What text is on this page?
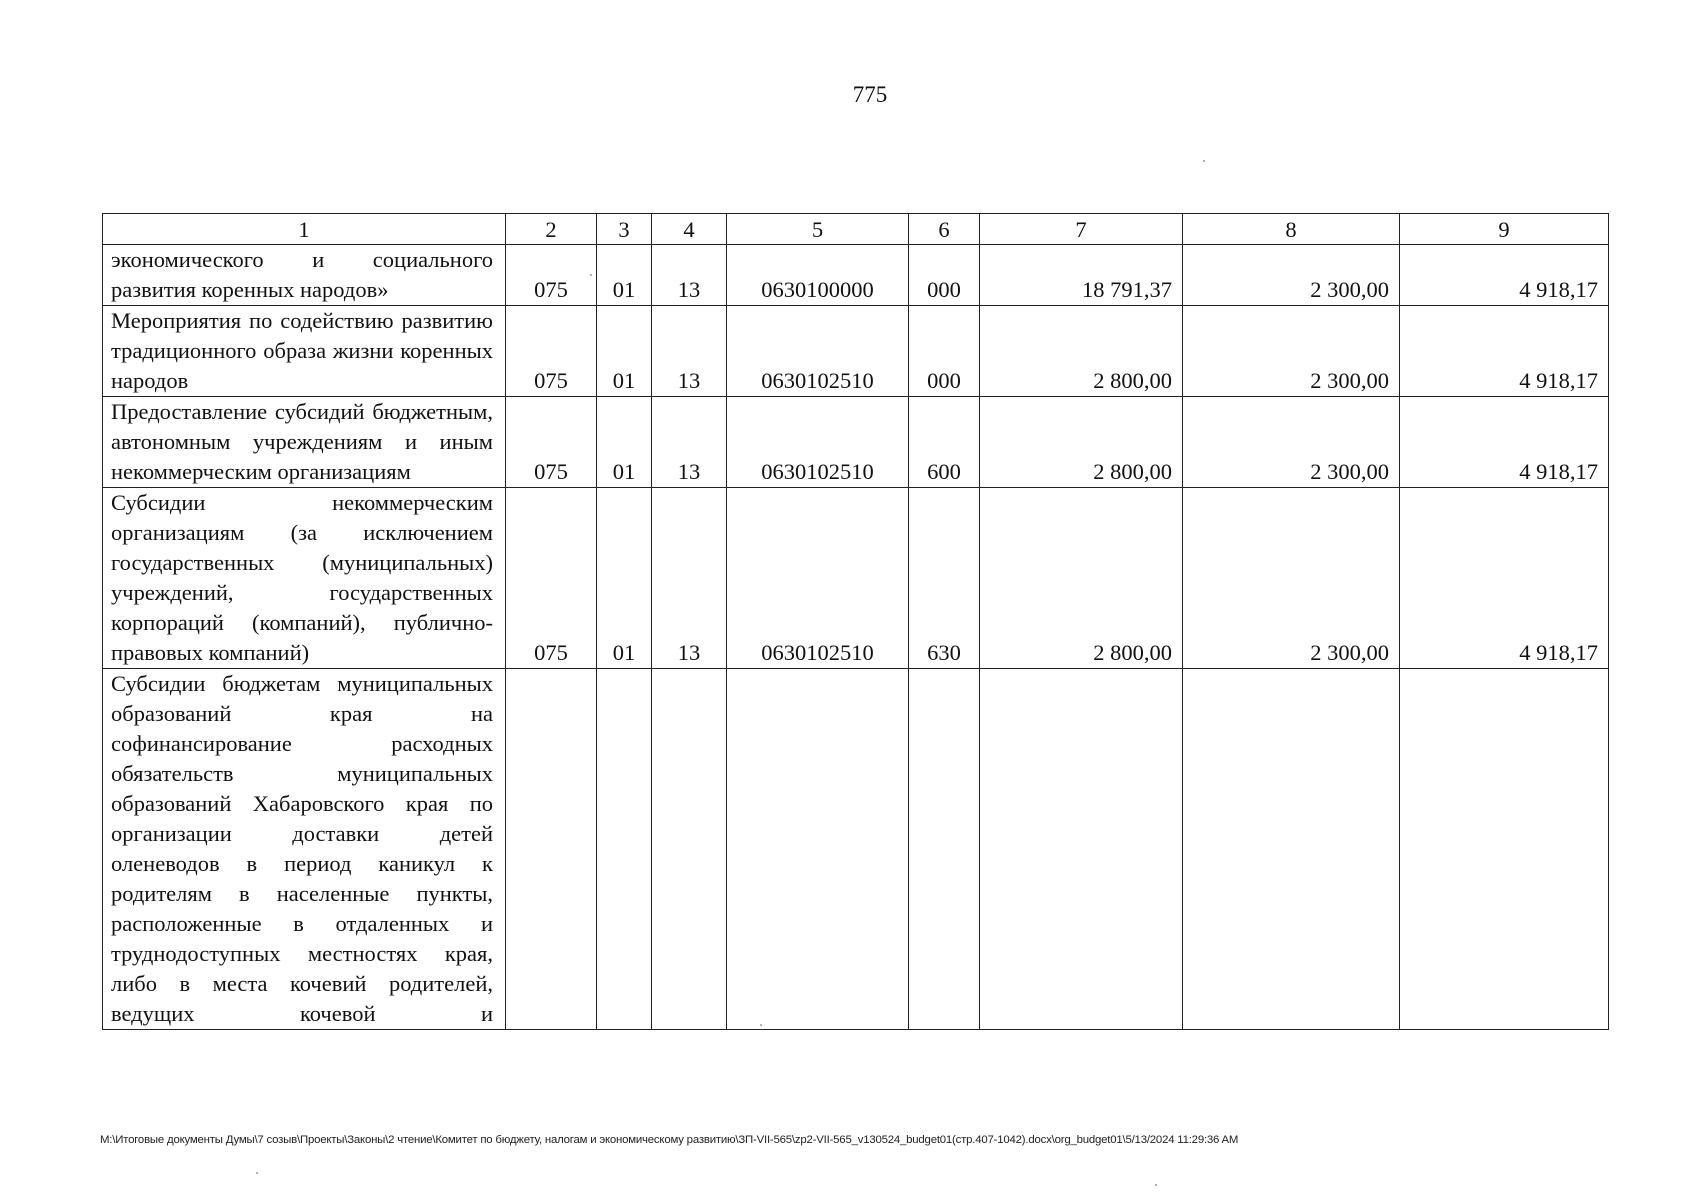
775
1	2	3	4	5	6	7	8	9
экономического и социального развития коренных народов»	075	01	13	0630100000	000	18 791,37	2 300,00	4 918,17
Мероприятия по содействию развитию традиционного образа жизни коренных народов	075	01	13	0630102510	000	2 800,00	2 300,00	4 918,17
Предоставление субсидий бюджетным, автономным учреждениям и иным некоммерческим организациям	075	01	13	0630102510	600	2 800,00	2 300,00	4 918,17
Субсидии некоммерческим организациям (за исключением государственных (муниципальных) учреждений, государственных корпораций (компаний), публично-правовых компаний)	075	01	13	0630102510	630	2 800,00	2 300,00	4 918,17
Субсидии бюджетам муниципальных образований края на софинансирование расходных обязательств муниципальных образований Хабаровского края по организации доставки детей оленеводов в период каникул к родителям в населенные пункты, расположенные в отдаленных и труднодоступных местностях края, либо в места кочевий родителей, ведущих кочевой и								
M:\Итоговые документы Думы\7 созыв\Проекты\Законы\2 чтение\Комитет по бюджету, налогам и экономическому развитию\ЗП-VII-565\zp2-VII-565_v130524_budget01(стр.407-1042).docx\org_budget01\5/13/2024 11:29:36 AM
